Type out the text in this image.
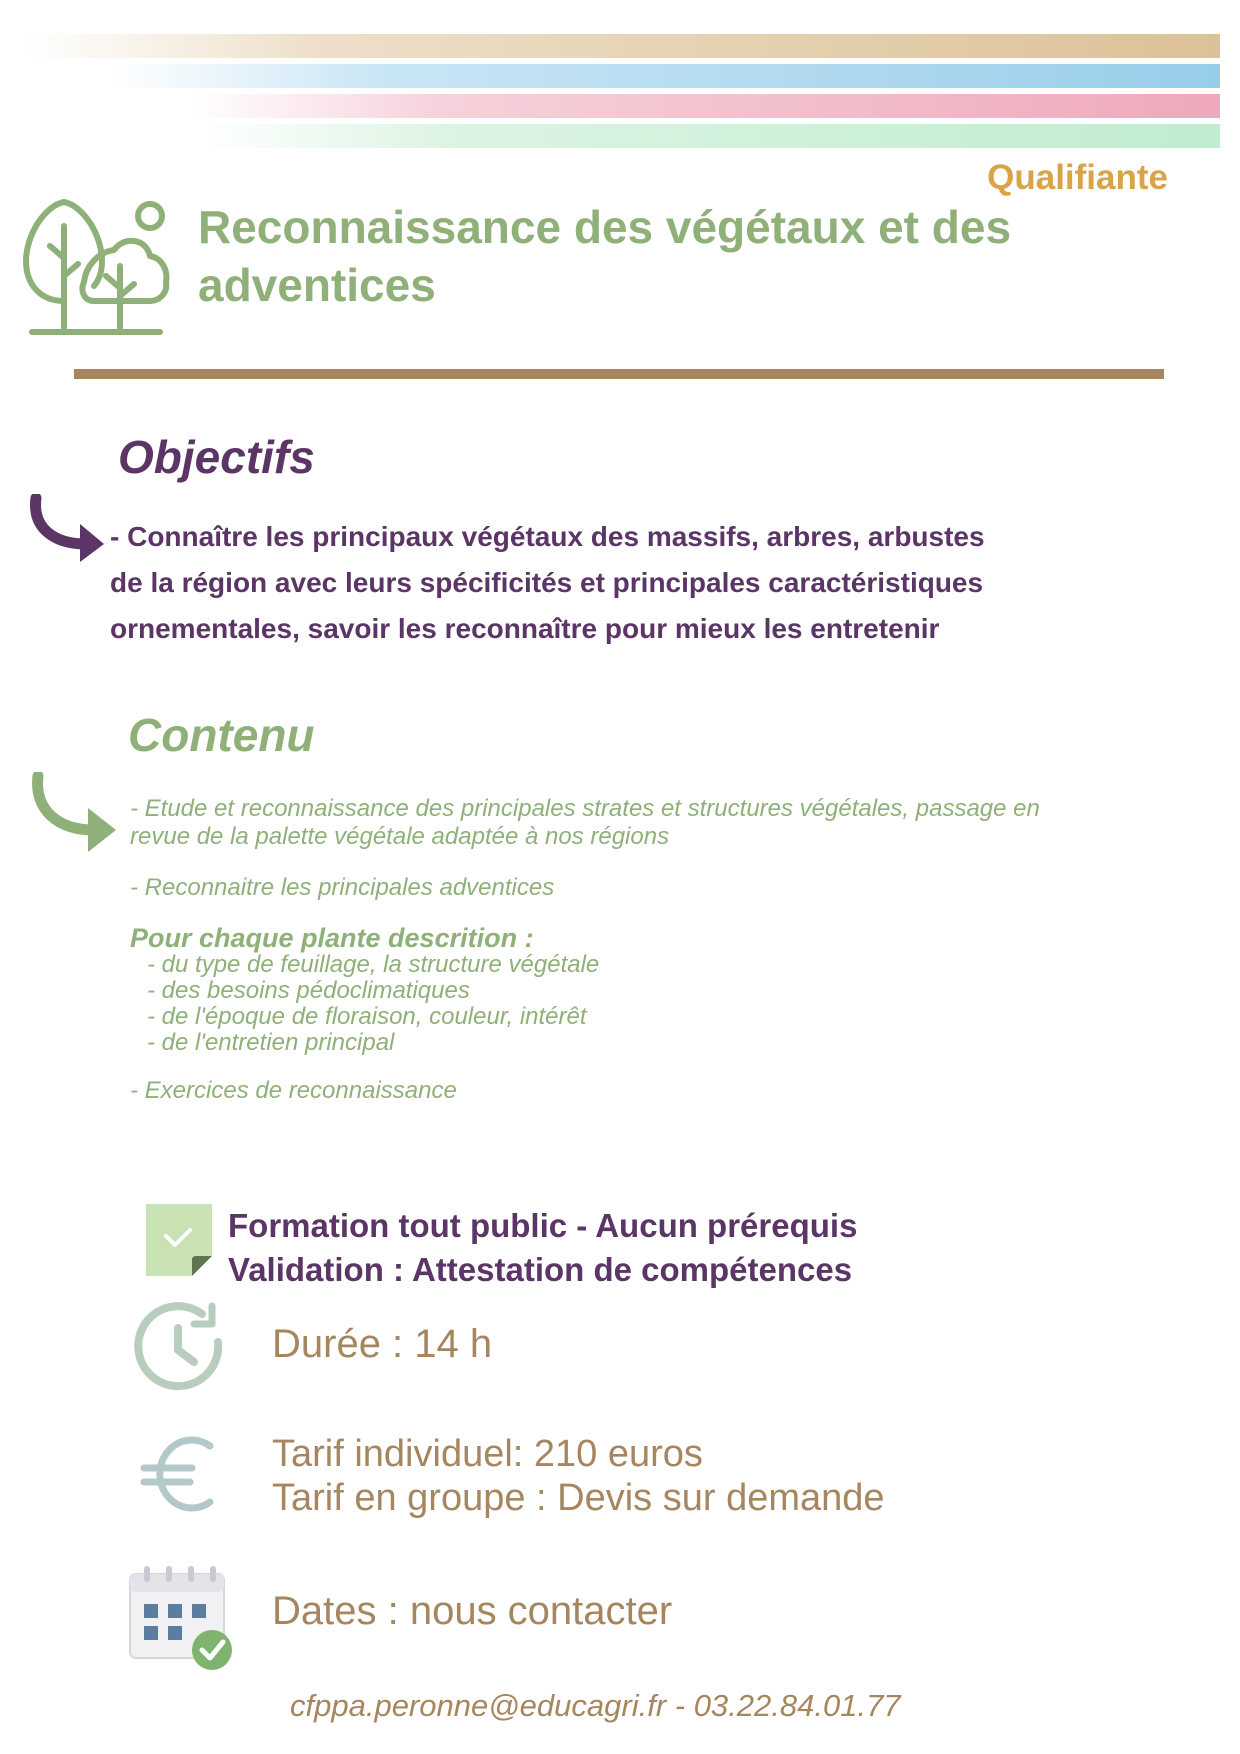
Qualifiante

Reconnaissance des végétaux et des
adventices

Objectifs

- Connaître les principaux végétaux des massifs, arbres, arbustes
de la région avec leurs spécificités et principales caractéristiques
ornementales, savoir les reconnaître pour mieux les entretenir

Contenu

- Etude et reconnaissance des principales strates et structures végétales, passage en
revue de la palette végétale adaptée à nos régions

- Reconnaitre les principales adventices

Pour chaque plante descrition :

- du type de feuillage, la structure végétale
- des besoins pédoclimatiques
- de l'époque de floraison, couleur, intérêt
- de l'entretien principal

- Exercices de reconnaissance

Formation tout public - Aucun prérequis
Validation : Attestation de compétences

Durée : 14 h

Tarif individuel: 210 euros

Tarif en groupe : Devis sur demande

Dates : nous contacter

cfppa.peronne@educagri.fr - 03.22.84.01.77
